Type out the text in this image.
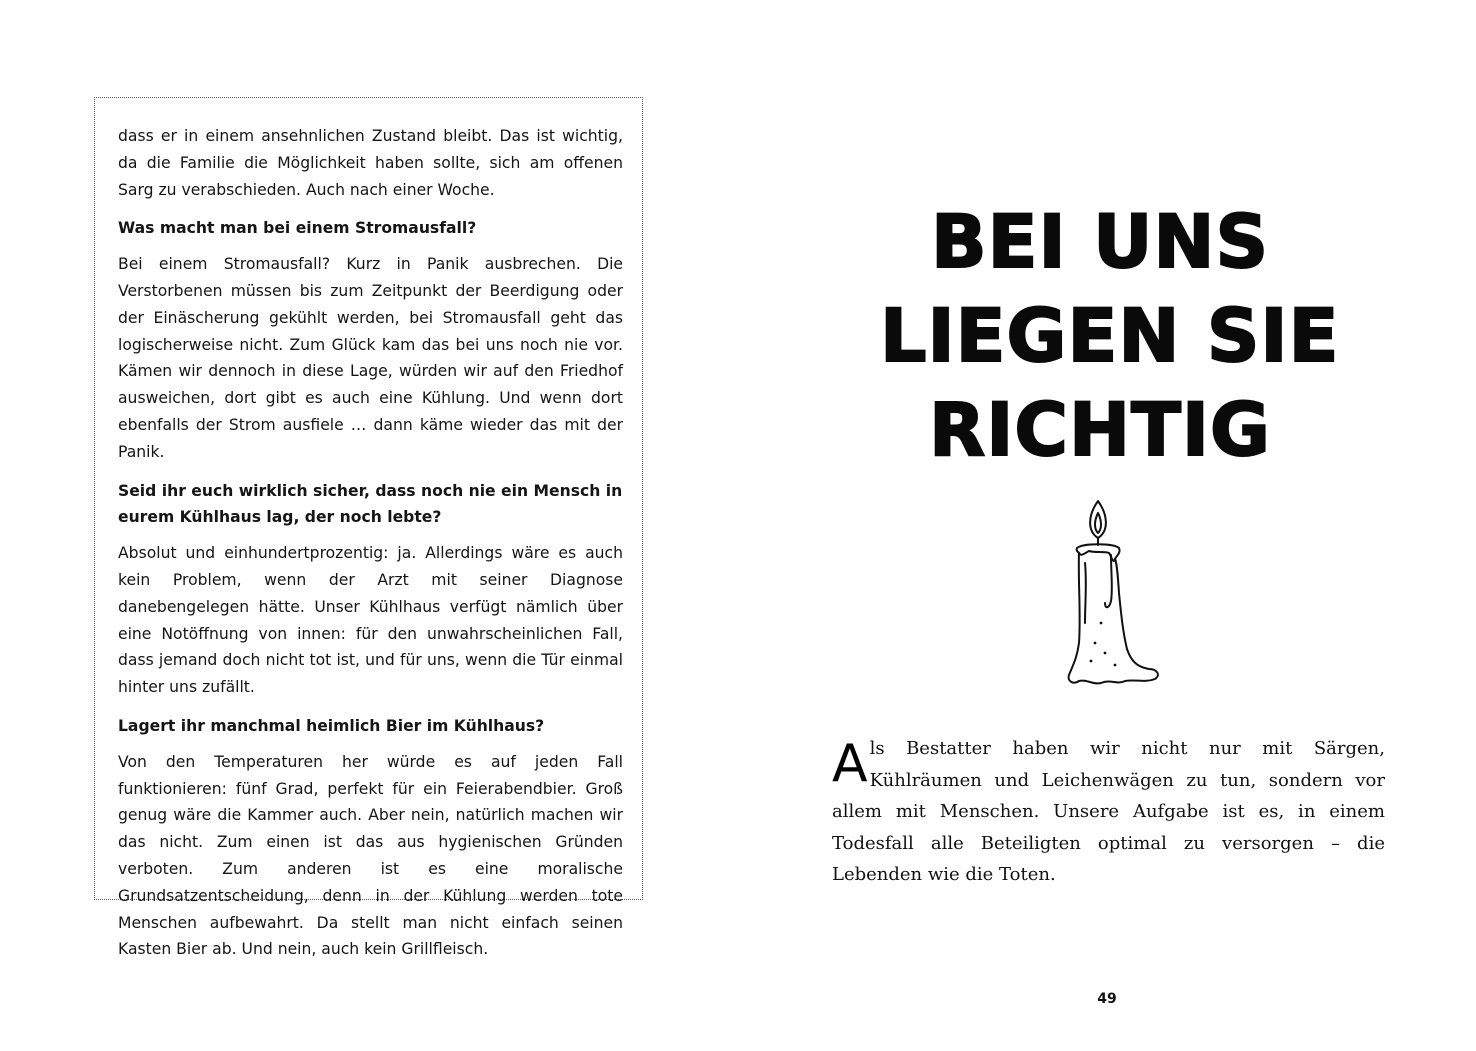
dass er in einem ansehnlichen Zustand bleibt. Das ist wichtig, da die Familie die Möglichkeit haben sollte, sich am offenen Sarg zu verabschieden. Auch nach einer Woche.

Was macht man bei einem Stromausfall?

Bei einem Stromausfall? Kurz in Panik ausbrechen. Die Verstorbenen müssen bis zum Zeitpunkt der Beerdigung oder der Einäscherung gekühlt werden, bei Stromausfall geht das logischerweise nicht. Zum Glück kam das bei uns noch nie vor. Kämen wir dennoch in diese Lage, würden wir auf den Friedhof ausweichen, dort gibt es auch eine Kühlung. Und wenn dort ebenfalls der Strom ausfiele … dann käme wieder das mit der Panik.

Seid ihr euch wirklich sicher, dass noch nie ein Mensch in eurem Kühlhaus lag, der noch lebte?

Absolut und einhundertprozentig: ja. Allerdings wäre es auch kein Problem, wenn der Arzt mit seiner Diagnose danebengelegen hätte. Unser Kühlhaus verfügt nämlich über eine Notöffnung von innen: für den unwahrscheinlichen Fall, dass jemand doch nicht tot ist, und für uns, wenn die Tür einmal hinter uns zufällt.

Lagert ihr manchmal heimlich Bier im Kühlhaus?

Von den Temperaturen her würde es auf jeden Fall funktionieren: fünf Grad, perfekt für ein Feierabendbier. Groß genug wäre die Kammer auch. Aber nein, natürlich machen wir das nicht. Zum einen ist das aus hygienischen Gründen verboten. Zum anderen ist es eine moralische Grundsatzentscheidung, denn in der Kühlung werden tote Menschen aufbewahrt. Da stellt man nicht einfach seinen Kasten Bier ab. Und nein, auch kein Grillfleisch.

BEI UNS
LIEGEN SIE
RICHTIG
Als Bestatter haben wir nicht nur mit Särgen, Kühlräumen und Leichenwägen zu tun, sondern vor allem mit Menschen. Unsere Aufgabe ist es, in einem Todesfall alle Beteiligten optimal zu versorgen – die Lebenden wie die Toten.
49
